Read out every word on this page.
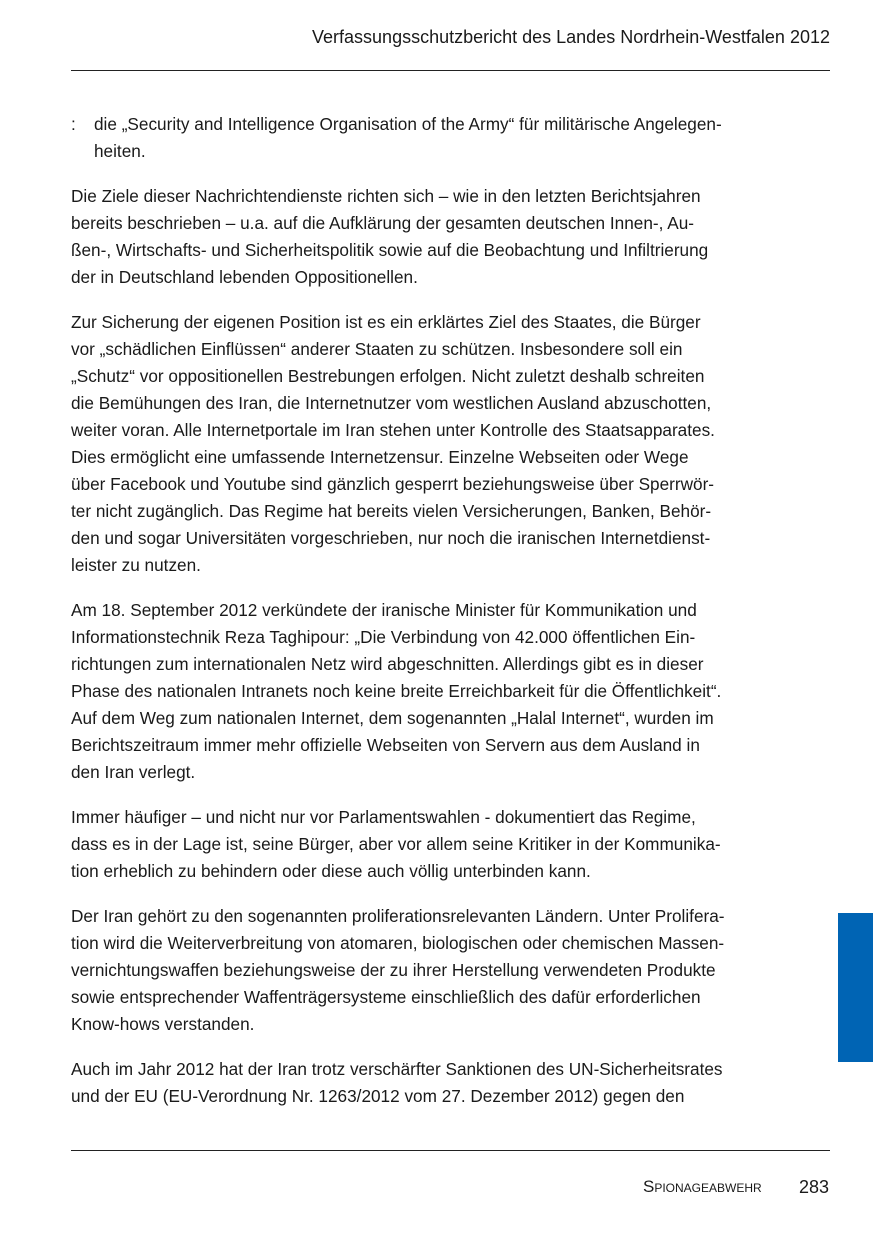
Verfassungsschutzbericht des Landes Nordrhein-Westfalen 2012
: die „Security and Intelligence Organisation of the Army“ für militärische Angelegen-
heiten.

Die Ziele dieser Nachrichtendienste richten sich – wie in den letzten Berichtsjahren
bereits beschrieben – u.a. auf die Aufklärung der gesamten deutschen Innen-, Au-
ßen-, Wirtschafts- und Sicherheitspolitik sowie auf die Beobachtung und Infiltrierung
der in Deutschland lebenden Oppositionellen.

Zur Sicherung der eigenen Position ist es ein erklärtes Ziel des Staates, die Bürger
vor „schädlichen Einflüssen“ anderer Staaten zu schützen. Insbesondere soll ein
„Schutz“ vor oppositionellen Bestrebungen erfolgen. Nicht zuletzt deshalb schreiten
die Bemühungen des Iran, die Internetnutzer vom westlichen Ausland abzuschotten,
weiter voran. Alle Internetportale im Iran stehen unter Kontrolle des Staatsapparates.
Dies ermöglicht eine umfassende Internetzensur. Einzelne Webseiten oder Wege
über Facebook und Youtube sind gänzlich gesperrt beziehungsweise über Sperrwör-
ter nicht zugänglich. Das Regime hat bereits vielen Versicherungen, Banken, Behör-
den und sogar Universitäten vorgeschrieben, nur noch die iranischen Internetdienst-
leister zu nutzen.

Am 18. September 2012 verkündete der iranische Minister für Kommunikation und
Informationstechnik Reza Taghipour: „Die Verbindung von 42.000 öffentlichen Ein-
richtungen zum internationalen Netz wird abgeschnitten. Allerdings gibt es in dieser
Phase des nationalen Intranets noch keine breite Erreichbarkeit für die Öffentlichkeit“.
Auf dem Weg zum nationalen Internet, dem sogenannten „Halal Internet“, wurden im
Berichtszeitraum immer mehr offizielle Webseiten von Servern aus dem Ausland in
den Iran verlegt.

Immer häufiger – und nicht nur vor Parlamentswahlen - dokumentiert das Regime,
dass es in der Lage ist, seine Bürger, aber vor allem seine Kritiker in der Kommunika-
tion erheblich zu behindern oder diese auch völlig unterbinden kann.

Der Iran gehört zu den sogenannten proliferationsrelevanten Ländern. Unter Prolifera-
tion wird die Weiterverbreitung von atomaren, biologischen oder chemischen Massen-
vernichtungswaffen beziehungsweise der zu ihrer Herstellung verwendeten Produkte
sowie entsprechender Waffenträgersysteme einschließlich des dafür erforderlichen
Know-hows verstanden.

Auch im Jahr 2012 hat der Iran trotz verschärfter Sanktionen des UN-Sicherheitsrates
und der EU (EU-Verordnung Nr. 1263/2012 vom 27. Dezember 2012) gegen den

Spionageabwehr 283
